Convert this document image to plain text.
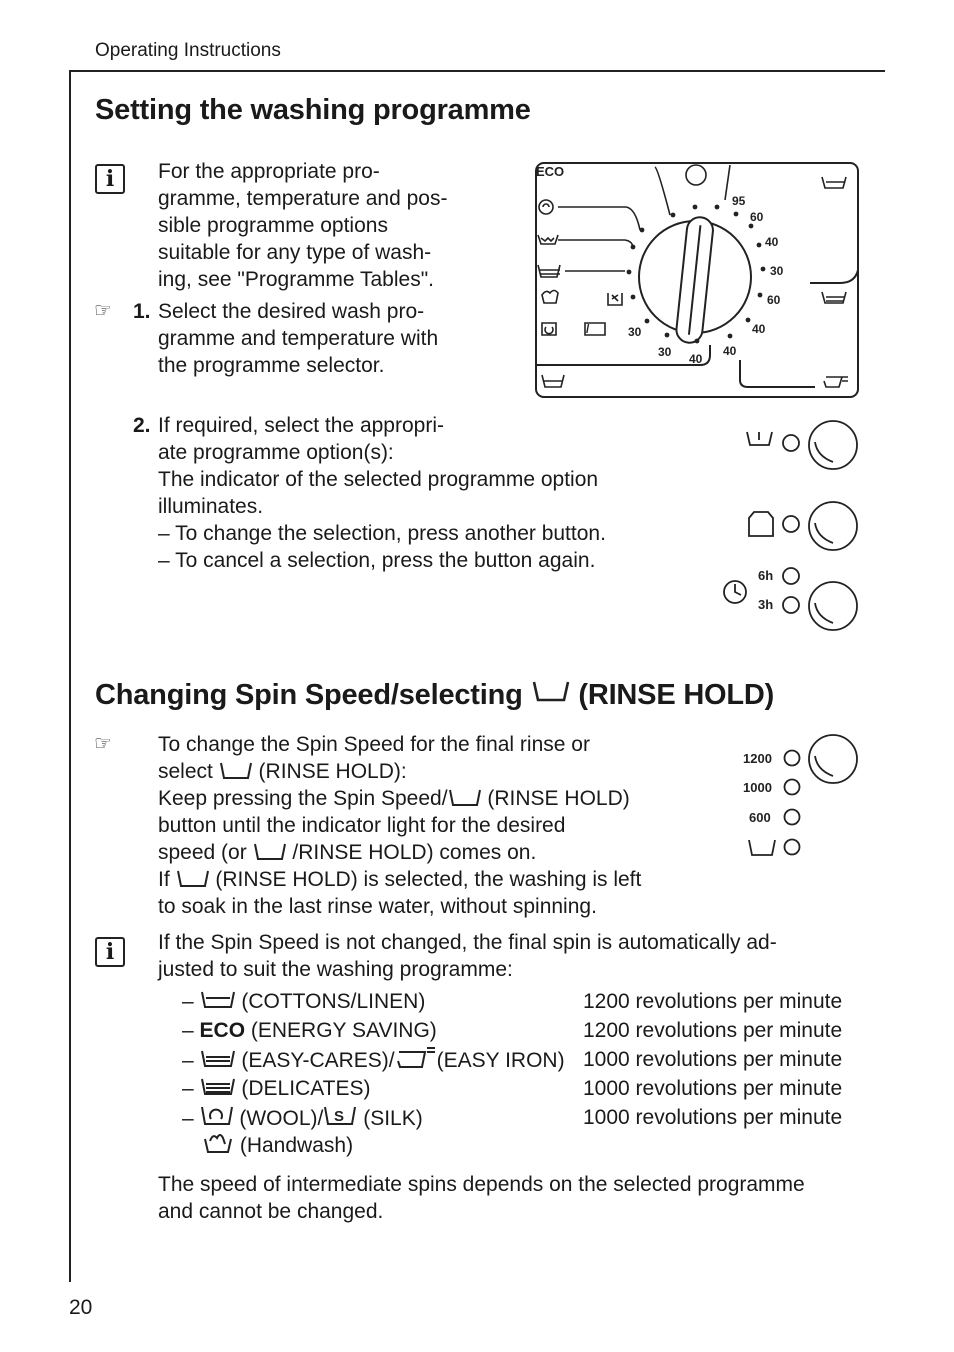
Operating Instructions
Setting the washing programme
i	For the appropriate pro-
gramme, temperature and pos-
sible programme options
suitable for any type of wash-
ing, see "Programme Tables".
☞ 1. Select the desired wash pro-
gramme and temperature with
the programme selector.
2. If required, select the appropri-
ate programme option(s):
The indicator of the selected programme option
illuminates.
– To change the selection, press another button.
– To cancel a selection, press the button again.
ECO
95
60
40
30
60
40
40
30
30 40
/
6h
3h
Changing Spin Speed/selecting (RINSE HOLD)
☞ To change the Spin Speed for the final rinse or
select (RINSE HOLD):
Keep pressing the Spin Speed/ (RINSE HOLD)
button until the indicator light for the desired
speed (or /RINSE HOLD) comes on.
If (RINSE HOLD) is selected, the washing is left
to soak in the last rinse water, without spinning.
1200
1000
600
i	If the Spin Speed is not changed, the final spin is automatically ad-
justed to suit the washing programme:
–  (COTTONS/LINEN)	1200 revolutions per minute
– ECO (ENERGY SAVING)	1200 revolutions per minute
–  (EASY-CARES)/ (EASY IRON) 1000 revolutions per minute
–  (DELICATES)	1000 revolutions per minute
–  (WOOL)/ S (SILK)	1000 revolutions per minute
(Handwash)
The speed of intermediate spins depends on the selected programme
and cannot be changed.
20
